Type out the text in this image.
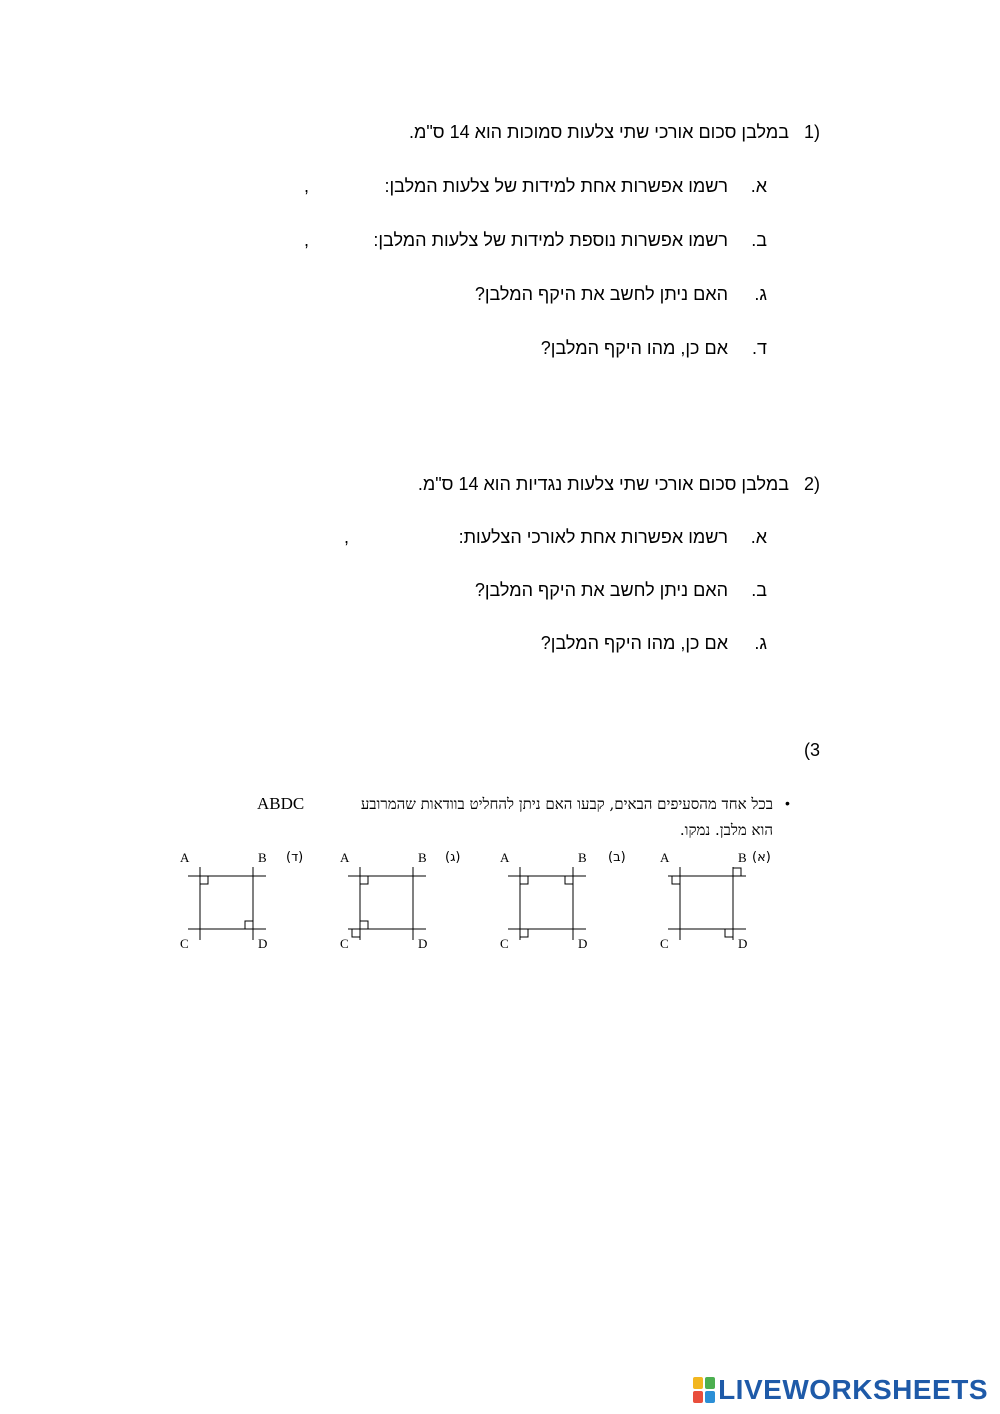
1)
במלבן סכום אורכי שתי צלעות סמוכות הוא 14 ס"מ.
א.
רשמו אפשרות אחת למידות של צלעות המלבן:
,
ב.
רשמו אפשרות נוספת למידות של צלעות המלבן:
,
ג.
האם ניתן לחשב את היקף המלבן?
ד.
אם כן, מהו היקף המלבן?
2)
במלבן סכום אורכי שתי צלעות נגדיות הוא 14 ס"מ.
א.
רשמו אפשרות אחת לאורכי הצלעות:
,
ב.
האם ניתן לחשב את היקף המלבן?
ג.
אם כן, מהו היקף המלבן?
(3
•
בכל אחד מהסעיפים הבאים, קבעו האם ניתן להחליט בוודאות שהמרובע
ABDC
הוא מלבן. נמקו.
A	B
C	D
(ד)	A	B
C	D
(ג)	A	B
C	D
(ב)	A	B
C	D
(א)
LIVEWORKSHEETS
